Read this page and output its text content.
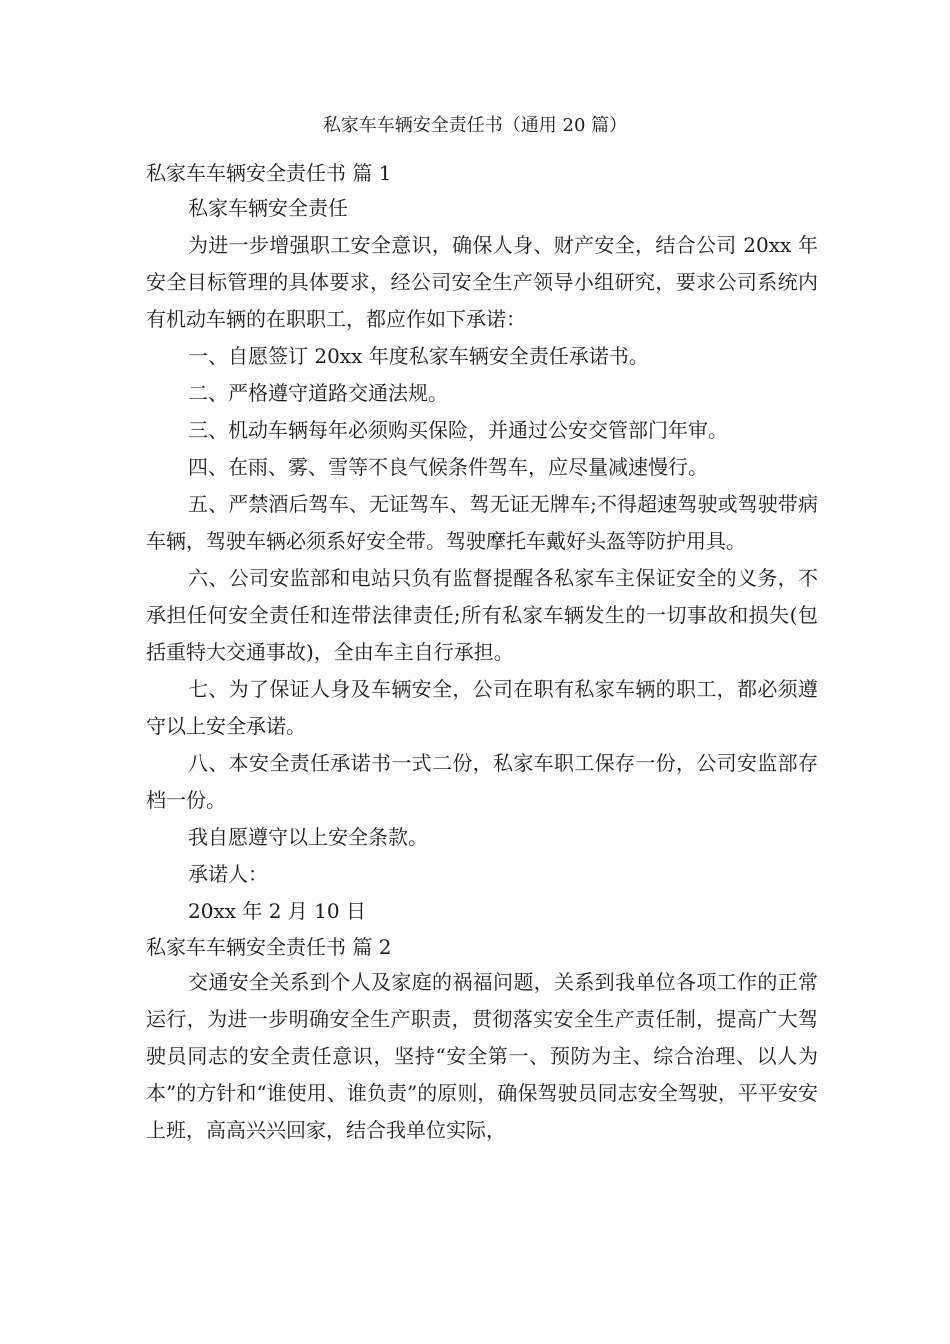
私家车车辆安全责任书（通用 20 篇）
私家车车辆安全责任书 篇 1
私家车辆安全责任
为进一步增强职工安全意识，确保人身、财产安全，结合公司 20xx 年安全目标管理的具体要求，经公司安全生产领导小组研究，要求公司系统内有机动车辆的在职职工，都应作如下承诺：
一、自愿签订 20xx 年度私家车辆安全责任承诺书。
二、严格遵守道路交通法规。
三、机动车辆每年必须购买保险，并通过公安交管部门年审。
四、在雨、雾、雪等不良气候条件驾车，应尽量减速慢行。
五、严禁酒后驾车、无证驾车、驾无证无牌车;不得超速驾驶或驾驶带病车辆，驾驶车辆必须系好安全带。驾驶摩托车戴好头盔等防护用具。
六、公司安监部和电站只负有监督提醒各私家车主保证安全的义务，不承担任何安全责任和连带法律责任;所有私家车辆发生的一切事故和损失(包括重特大交通事故)，全由车主自行承担。
七、为了保证人身及车辆安全，公司在职有私家车辆的职工，都必须遵守以上安全承诺。
八、本安全责任承诺书一式二份，私家车职工保存一份，公司安监部存档一份。
我自愿遵守以上安全条款。
承诺人：
20xx 年 2 月 10 日
私家车车辆安全责任书 篇 2
交通安全关系到个人及家庭的祸福问题，关系到我单位各项工作的正常运行，为进一步明确安全生产职责，贯彻落实安全生产责任制，提高广大驾驶员同志的安全责任意识，坚持“安全第一、预防为主、综合治理、以人为本”的方针和“谁使用、谁负责”的原则，确保驾驶员同志安全驾驶，平平安安上班，高高兴兴回家，结合我单位实际，
